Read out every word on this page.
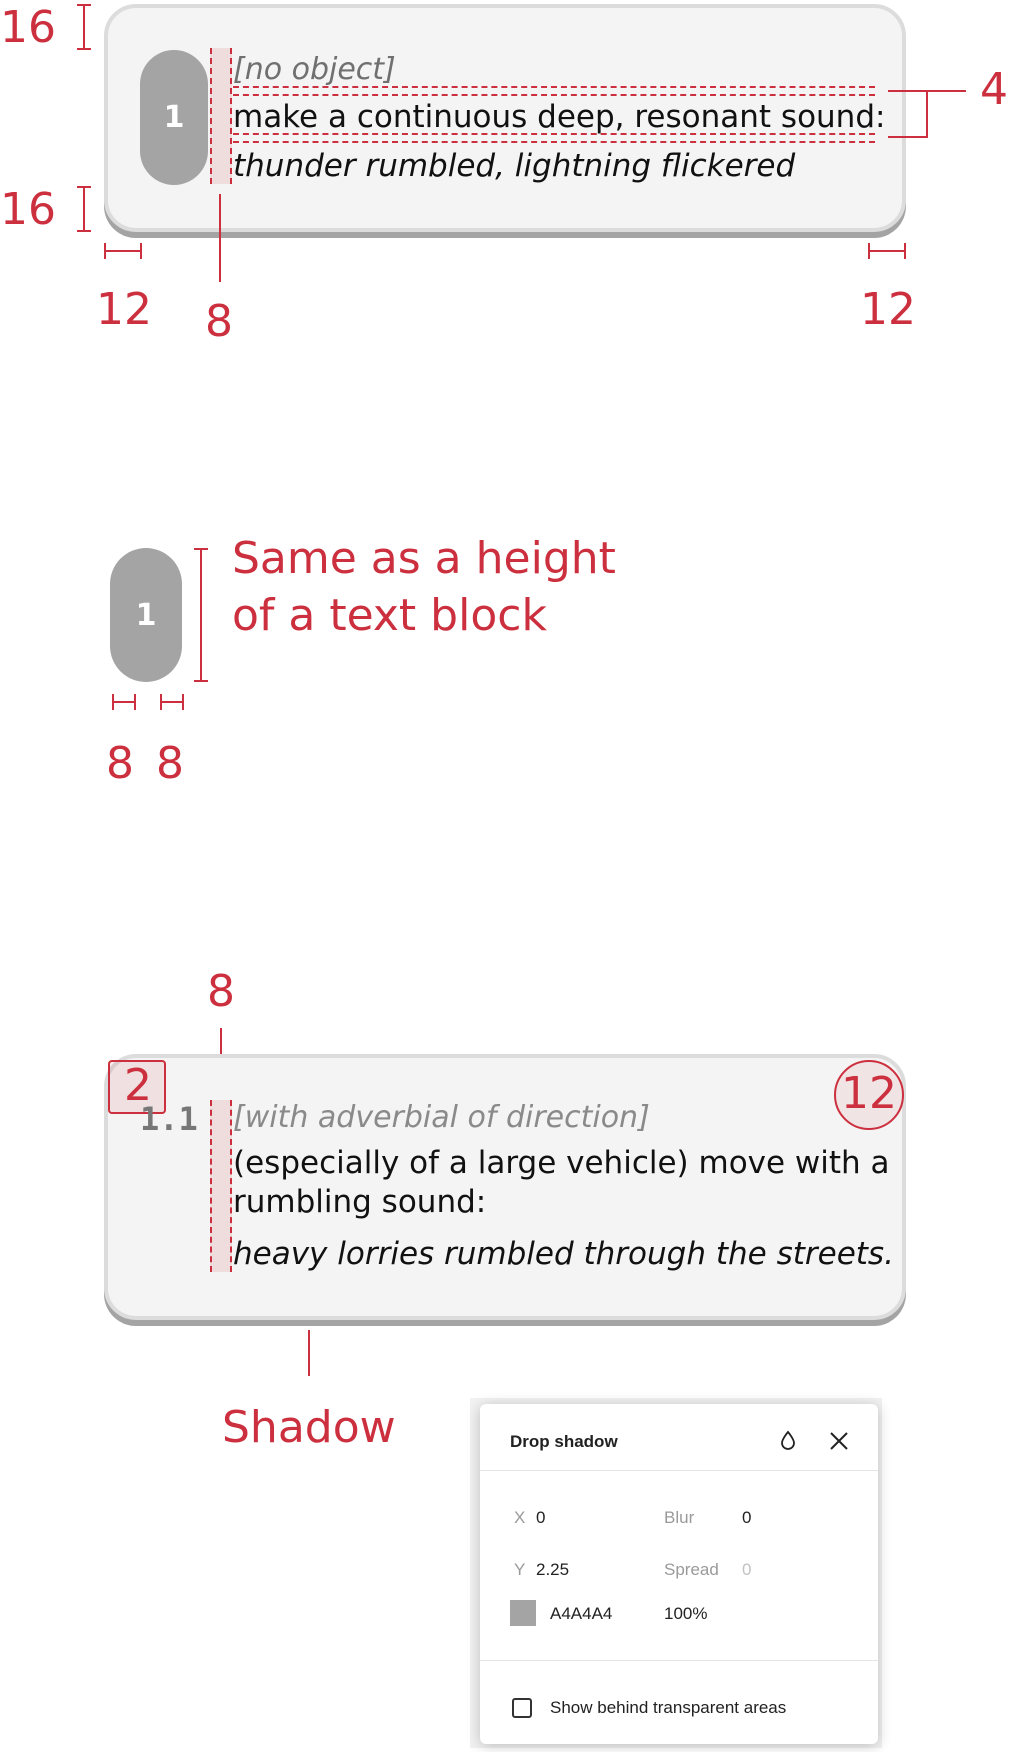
16
16
1
[no object]
make a continuous deep, resonant sound:
thunder rumbled, lightning flickered
4
8
12	12
1
Same as a height of a text block
8 8
8
2	12
1.1 [with adverbial of direction]
(especially of a large vehicle) move with a rumbling sound:
heavy lorries rumbled through the streets.
Shadow	Drop shadow
X 0	Blur	0
Y 2.25	Spread 0
A4A4A4	100%
Show behind transparent areas
